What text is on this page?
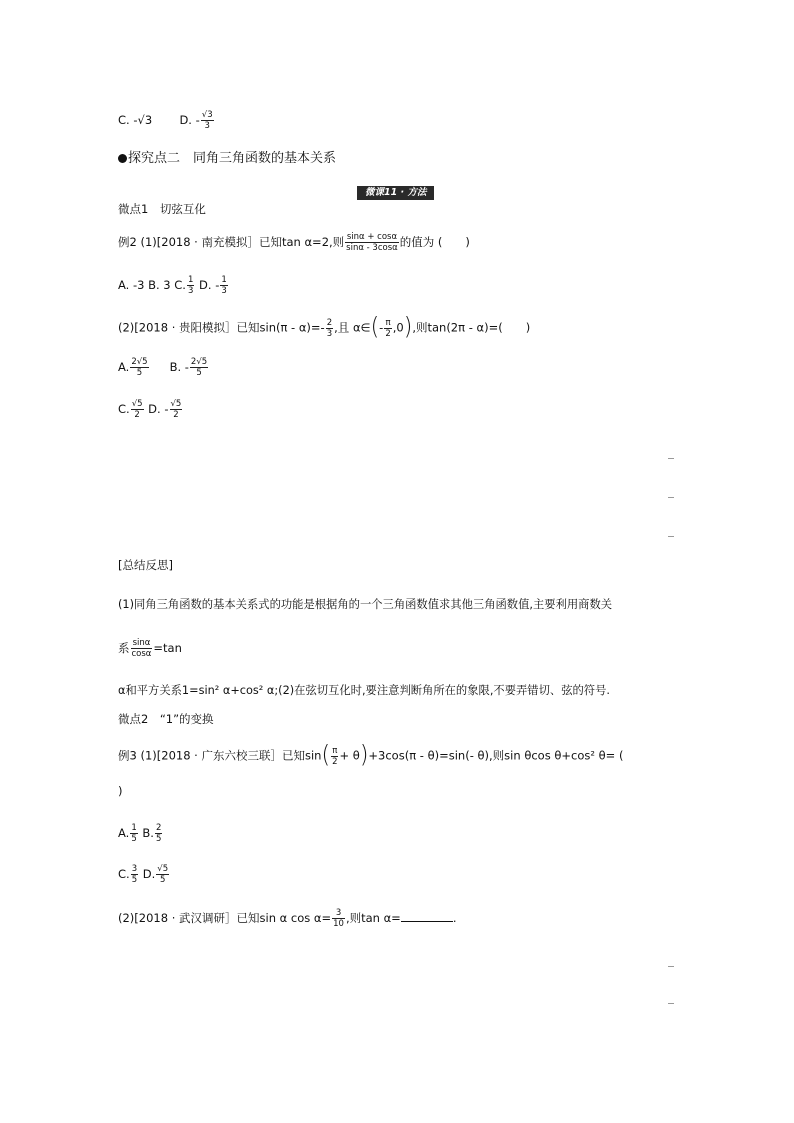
C. -√3 D. - $\frac{√3}{3}$
探究点二　同角三角函数的基本关系
微课11 · 方法
微点1　切弦互化
例2 (1)[2018 · 南充模拟］已知tan α=2,则 $\frac{\sin\alpha + \cos\alpha}{\sin\alpha - 3\cos\alpha}$ 的值为 (　　)
A. -3 B. 3 C. $\frac{1}{3} D$. - $\frac{1}{3}$
(2)[2018 · 贵阳模拟］已知$\sin(\pi - \alpha)=- \frac{2}{3}$ ,且 α∈(- $\frac{\pi}{2} ,0$),则tan(2π - α)=(　　)
A. $\frac{2√5}{5} B$. - $\frac{2√5}{5}$
C. $\frac{√5}{2} D$. - $\frac{√5}{2}$
[总结反思]
(1)同角三角函数的基本关系式的功能是根据角的一个三角函数值求其他三角函数值,主要利用商数关
系 $\frac{\sin\alpha}{\cos\alpha} =\tan$
α和平方关系1=sin² α+cos² α;(2)在弦切互化时,要注意判断角所在的象限,不要弄错切、弦的符号.
微点2　“1”的变换
例3 (1)[2018 · 广东六校三联］已知$\sin( \frac{\pi}{2} + \theta)+3\cos(\pi - \theta)=\sin(-$ θ),则sin θcos θ+cos² θ= (
)
A. $\frac{1}{5} B$. $\frac{2}{5}$
C. $\frac{3}{5} D$. $\frac{√5}{5}$
(2)[2018 · 武汉调研］已知sin α $\cos \alpha= \frac{3}{10}$ ,则tan α=	.
